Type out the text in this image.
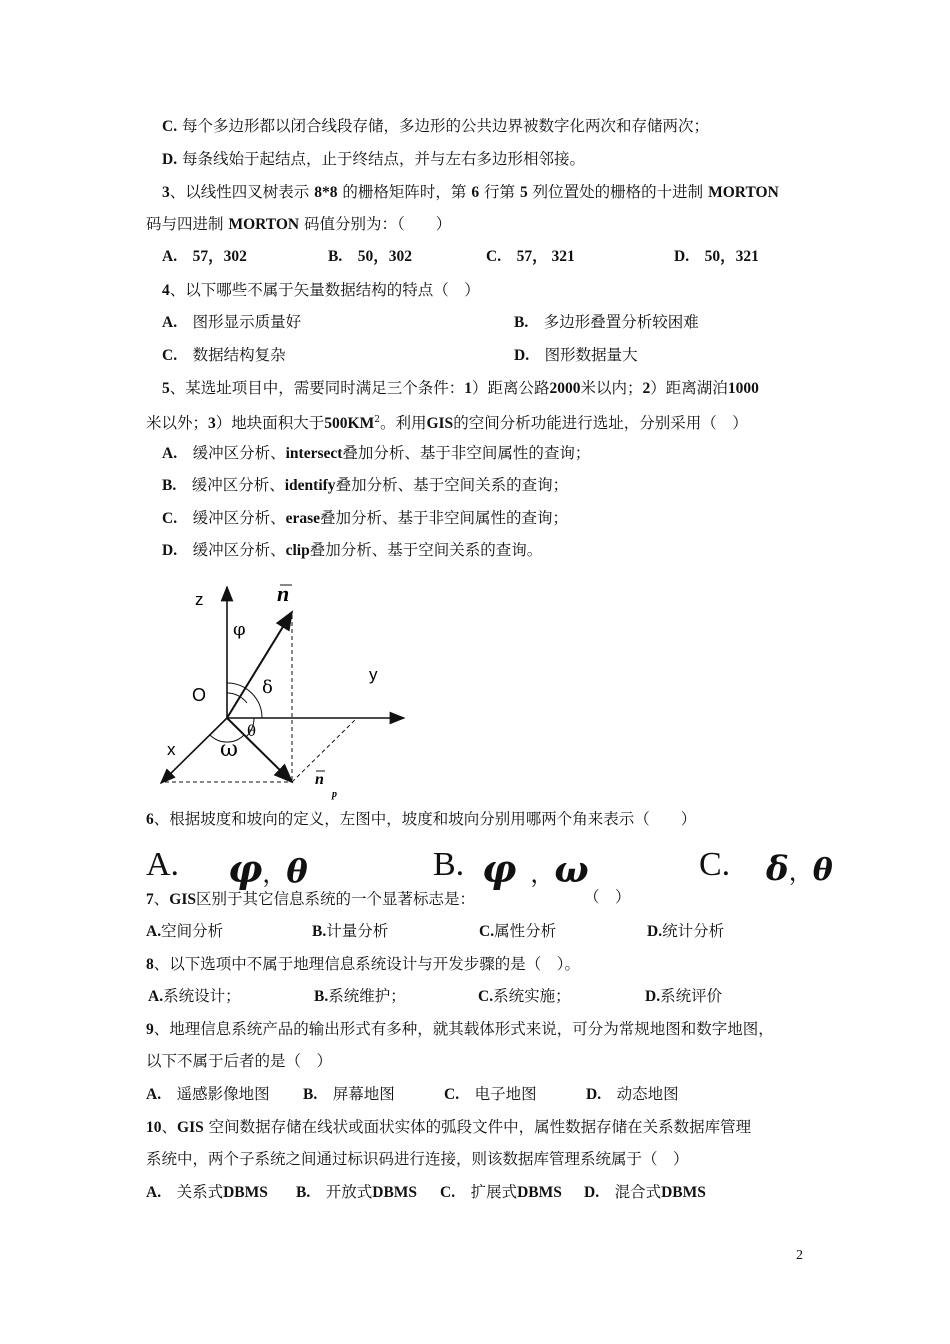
C. 每个多边形都以闭合线段存储，多边形的公共边界被数字化两次和存储两次；
D. 每条线始于起结点，止于终结点，并与左右多边形相邻接。
3、以线性四叉树表示 8*8 的栅格矩阵时，第 6 行第 5 列位置处的栅格的十进制 MORTON
码与四进制 MORTON 码值分别为：（　　）
A.　57，302	B.　50，302	C.　57， 321	D.　50，321
4、以下哪些不属于矢量数据结构的特点（　）
A.　 图形显示质量好	B.　 多边形叠置分析较困难
C.　 数据结构复杂	D.　 图形数据量大
5、某选址项目中，需要同时满足三个条件：1）距离公路2000米以内；2）距离湖泊1000
米以外；3）地块面积大于$500KM^2$。利用GIS的空间分析功能进行选址，分别采用（　）
A.　 缓冲区分析、intersect叠加分析、基于非空间属性的查询；
B.　 缓冲区分析、identify叠加分析、基于空间关系的查询；
C.　 缓冲区分析、erase叠加分析、基于非空间属性的查询；
D.　 缓冲区分析、clip叠加分析、基于空间关系的查询。
z
y
x
O
n
n
p
φ
δ
θ
ω
6、根据坡度和坡向的定义，左图中，坡度和坡向分别用哪两个角来表示（　　）
A. φ，θ	B. φ ，ω	C. δ，θ
7、GIS区别于其它信息系统的一个显著标志是：	（　）
A.空间分析	B.计量分析	C.属性分析	D.统计分析
8、以下选项中不属于地理信息系统设计与开发步骤的是（　）。
A.系统设计；	B.系统维护；	C.系统实施；	D.系统评价
9、地理信息系统产品的输出形式有多种，就其载体形式来说，可分为常规地图和数字地图，
以下不属于后者的是（　）
A.　 遥感影像地图 B.　 屏幕地图	C.　 电子地图	D.　 动态地图
10、GIS 空间数据存储在线状或面状实体的弧段文件中，属性数据存储在关系数据库管理
系统中，两个子系统之间通过标识码进行连接，则该数据库管理系统属于（　）
A.　 关系式DBMS B.　 开放式DBMS C.　 扩展式DBMS D.　 混合式DBMS
2
